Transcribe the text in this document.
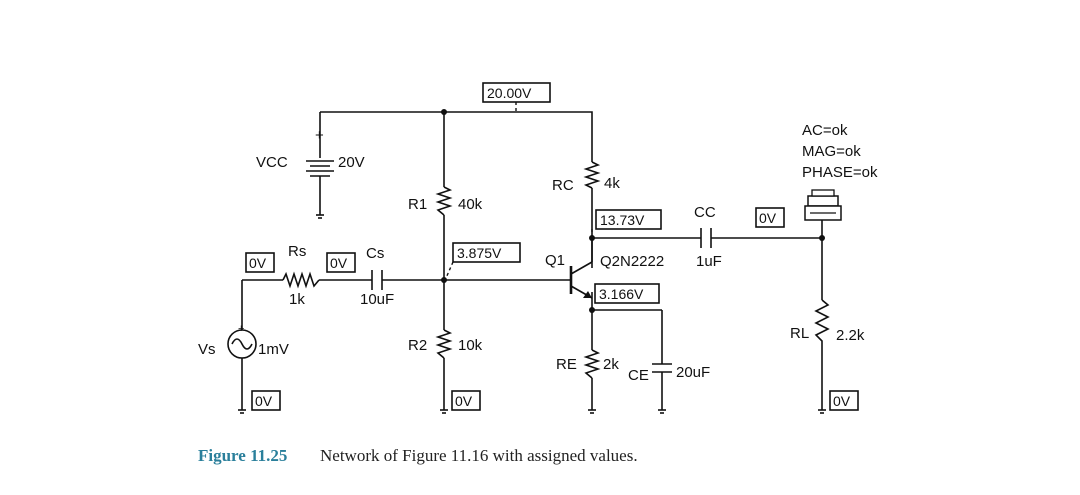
+
VCC	20V
R1 40k
R2 10k
RC 4k
RE 2k
RL 2.2k
Rs
1k
Cs
10uF
CC
1uF
CE 20uF
+
Vs	1mV
Q1 Q2N2222
AC=ok
MAG=ok
PHASE=ok
20.00V
13.73V
3.875V
3.166V
0V	0V
0V
0V	0V	0V
Figure 11.25 Network of Figure 11.16 with assigned values.
